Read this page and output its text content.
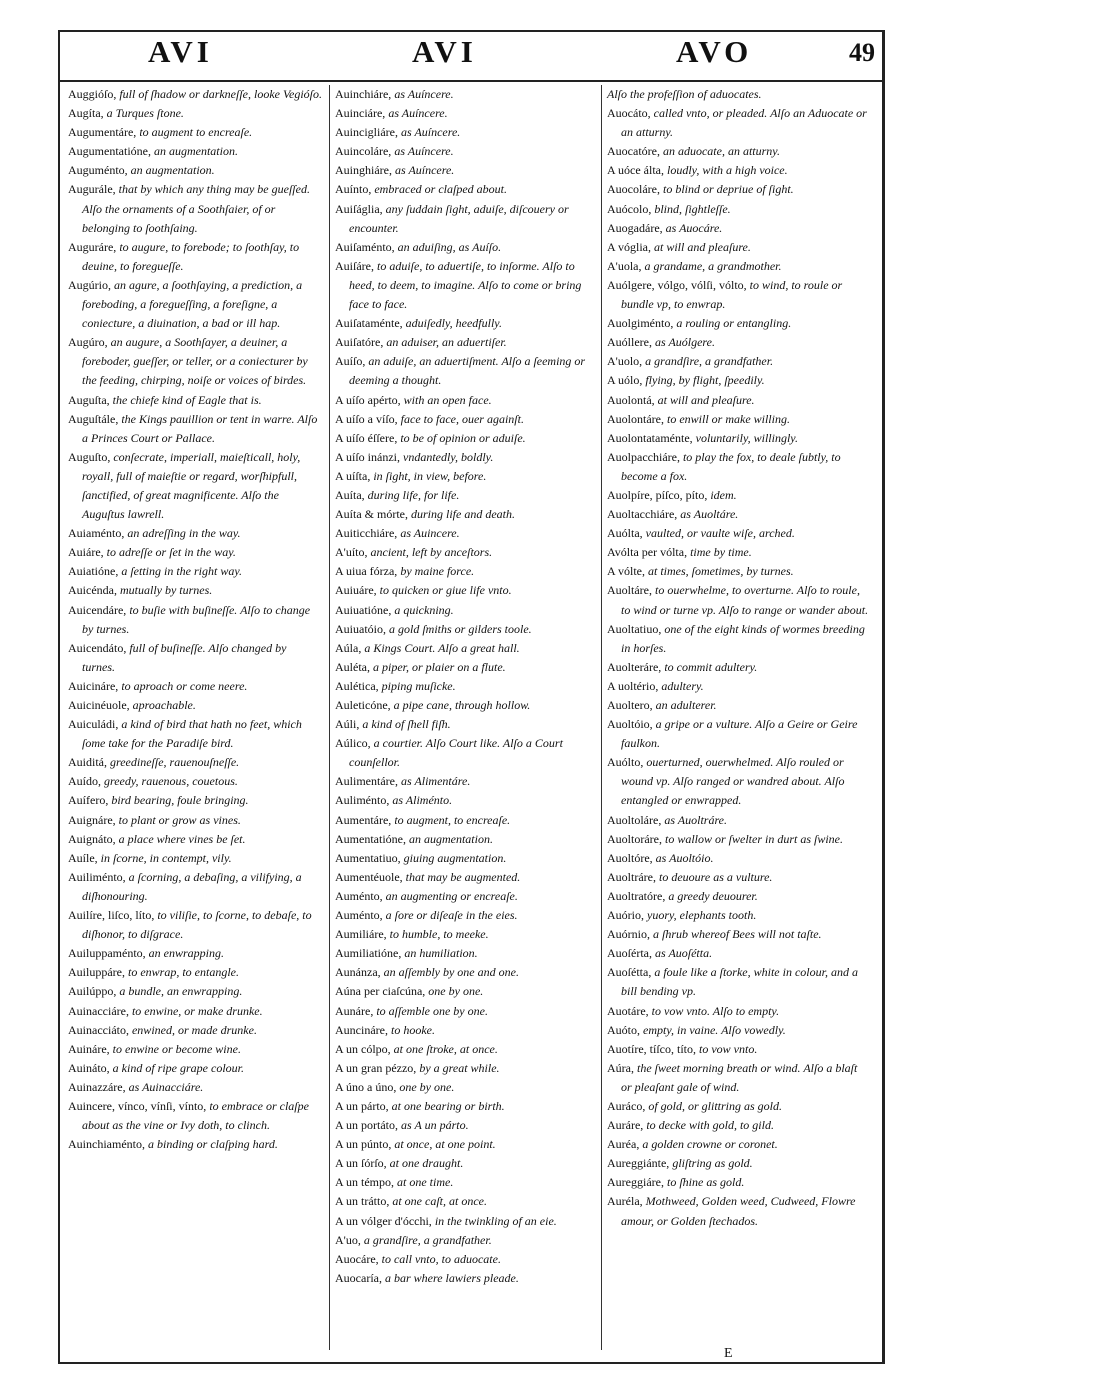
AVI	AVI	AVO	49
Auggióſo, full of ſhadow or darkneſſe, looke Vegióſo.
Augíta, a Turques ſtone.
Augumentáre, to augment to encreaſe.
Augumentatióne, an augmentation.
Auguménto, an augmentation.
Augurále, that by which any thing may be gueſſed. Alſo the ornaments of a Soothſaier, of or belonging to ſoothſaing.
Auguráre, to augure, to forebode; to ſoothſay, to deuine, to foregueſſe.
Augúrio, an agure, a ſoothſaying, a prediction, a foreboding, a foregueſſing, a foreſigne, a coniecture, a diuination, a bad or ill hap.
Augúro, an augure, a Soothſayer, a deuiner, a foreboder, gueſſer, or teller, or a coniecturer by the feeding, chirping, noiſe or voices of birdes.
Auguſta, the chiefe kind of Eagle that is.
Auguſtále, the Kings pauillion or tent in warre. Alſo a Princes Court or Pallace.
Auguſto, conſecrate, imperiall, maieſticall, holy, royall, full of maieſtie or regard, worſhipfull, ſanctified, of great magnificente. Alſo the Auguſtus lawrell.
Auiaménto, an adreſſing in the way.
Auiáre, to adreſſe or ſet in the way.
Auiatióne, a ſetting in the right way.
Auicénda, mutually by turnes.
Auicendáre, to buſie with buſineſſe. Alſo to change by turnes.
Auicendáto, full of buſineſſe. Alſo changed by turnes.
Auicináre, to aproach or come neere.
Auicinéuole, aproachable.
Auiculádi, a kind of bird that hath no feet, which ſome take for the Paradiſe bird.
Auiditá, greedineſſe, rauenouſneſſe.
Auído, greedy, rauenous, couetous.
Auífero, bird bearing, foule bringing.
Auignáre, to plant or grow as vines.
Auignáto, a place where vines be ſet.
Auíle, in ſcorne, in contempt, vily.
Auiliménto, a ſcorning, a debaſing, a vilifying, a diſhonouring.
Auilíre, liſco, líto, to viliſie, to ſcorne, to debaſe, to diſhonor, to diſgrace.
Auiluppaménto, an enwrapping.
Auiluppáre, to enwrap, to entangle.
Auilúppo, a bundle, an enwrapping.
Auinacciáre, to enwine, or make drunke.
Auinacciáto, enwined, or made drunke.
Auináre, to enwine or become wine.
Auináto, a kind of ripe grape colour.
Auinazzáre, as Auinacciáre.
Auincere, vínco, vínſi, vínto, to embrace or claſpe about as the vine or Ivy doth, to clinch.
Auinchiaménto, a binding or claſping hard.
Auinchiáre, as Auíncere.
Auinciáre, as Auíncere.
Auincigliáre, as Auíncere.
Auincoláre, as Auíncere.
Auinghiáre, as Auíncere.
Auínto, embraced or claſped about.
Auiſáglia, any ſuddain ſight, aduiſe, diſcouery or encounter.
Auiſaménto, an aduiſing, as Auíſo.
Auiſáre, to aduiſe, to aduertiſe, to inſorme. Alſo to heed, to deem, to imagine. Alſo to come or bring face to face.
Auiſataménte, aduiſedly, heedfully.
Auiſatóre, an aduiser, an aduertiſer.
Auíſo, an aduiſe, an aduertiſment. Alſo a ſeeming or deeming a thought.
A uíſo apérto, with an open face.
A uíſo a víſo, face to face, ouer againſt.
A uíſo éſſere, to be of opinion or aduiſe.
A uíſo inánzi, vndantedly, boldly.
A uíſta, in ſight, in view, before.
Auíta, during life, for life.
Auíta & mórte, during life and death.
Auiticchiáre, as Auincere.
A'uíto, ancient, left by anceſtors.
A uiua fórza, by maine force.
Auiuáre, to quicken or giue life vnto.
Auiuatióne, a quickning.
Auiuatóio, a gold ſmiths or gilders toole.
Aúla, a Kings Court. Alſo a great hall.
Auléta, a piper, or plaier on a flute.
Aulética, piping muſicke.
Auleticóne, a pipe cane, through hollow.
Aúli, a kind of ſhell fiſh.
Aúlico, a courtier. Alſo Court like. Alſo a Court counſellor.
Aulimentáre, as Alimentáre.
Auliménto, as Aliménto.
Aumentáre, to augment, to encreaſe.
Aumentatióne, an augmentation.
Aumentatiuo, giuing augmentation.
Aumentéuole, that may be augmented.
Auménto, an augmenting or encreaſe.
Auménto, a ſore or diſeaſe in the eies.
Aumiliáre, to humble, to meeke.
Aumiliatióne, an humiliation.
Aunánza, an aſſembly by one and one.
Aúna per ciaſcúna, one by one.
Aunáre, to aſſemble one by one.
Auncináre, to hooke.
A un cólpo, at one ſtroke, at once.
A un gran pézzo, by a great while.
A úno a úno, one by one.
A un párto, at one bearing or birth.
A un portáto, as A un párto.
A un púnto, at once, at one point.
A un ſórſo, at one draught.
A un témpo, at one time.
A un trátto, at one caſt, at once.
A un vólger d'ócchi, in the twinkling of an eie.
A'uo, a grandſire, a grandfather.
Auocáre, to call vnto, to aduocate.
Auocaría, a bar where lawiers pleade.
Alſo the profeſſion of aduocates.
Auocáto, called vnto, or pleaded. Alſo an Aduocate or an atturny.
Auocatóre, an aduocate, an atturny.
A uóce álta, loudly, with a high voice.
Auocoláre, to blind or depriue of ſight.
Auócolo, blind, ſightleſſe.
Auogadáre, as Auocáre.
A vóglia, at will and pleaſure.
A'uola, a grandame, a grandmother.
Auólgere, vólgo, vólſi, vólto, to wind, to roule or bundle vp, to enwrap.
Auolgiménto, a rouling or entangling.
Auóllere, as Auólgere.
A'uolo, a grandſire, a grandfather.
A uólo, flying, by flight, ſpeedily.
Auolontá, at will and pleaſure.
Auolontáre, to enwill or make willing.
Auolontataménte, voluntarily, willingly.
Auolpacchiáre, to play the fox, to deale ſubtly, to become a fox.
Auolpíre, píſco, píto, idem.
Auoltacchiáre, as Auoltáre.
Auólta, vaulted, or vaulte wiſe, arched.
Avólta per vólta, time by time.
A vólte, at times, ſometimes, by turnes.
Auoltáre, to ouerwhelme, to overturne. Alſo to roule, to wind or turne vp. Alſo to range or wander about.
Auoltatiuo, one of the eight kinds of wormes breeding in horſes.
Auolteráre, to commit adultery.
A uoltério, adultery.
Auoltero, an adulterer.
Auoltóio, a gripe or a vulture. Alſo a Geire or Geire faulkon.
Auólto, ouerturned, ouerwhelmed. Alſo rouled or wound vp. Alſo ranged or wandred about. Alſo entangled or enwrapped.
Auoltoláre, as Auoltráre.
Auoltoráre, to wallow or ſwelter in durt as ſwine.
Auoltóre, as Auoltóio.
Auoltráre, to deuoure as a vulture.
Auoltratóre, a greedy deuourer.
Auório, yuory, elephants tooth.
Auórnio, a ſhrub whereof Bees will not taſte.
Auoſérta, as Auoſétta.
Auoſétta, a foule like a ſtorke, white in colour, and a bill bending vp.
Auotáre, to vow vnto. Alſo to empty.
Auóto, empty, in vaine. Alſo vowedly.
Auotíre, tíſco, títo, to vow vnto.
Aúra, the ſweet morning breath or wind. Alſo a blaſt or pleaſant gale of wind.
Auráco, of gold, or glittring as gold.
Auráre, to decke with gold, to gild.
Auréa, a golden crowne or coronet.
Aureggiánte, gliſtring as gold.
Aureggiáre, to ſhine as gold.
Auréla, Mothweed, Golden weed, Cudweed, Flowre amour, or Golden ſtechados.
E
